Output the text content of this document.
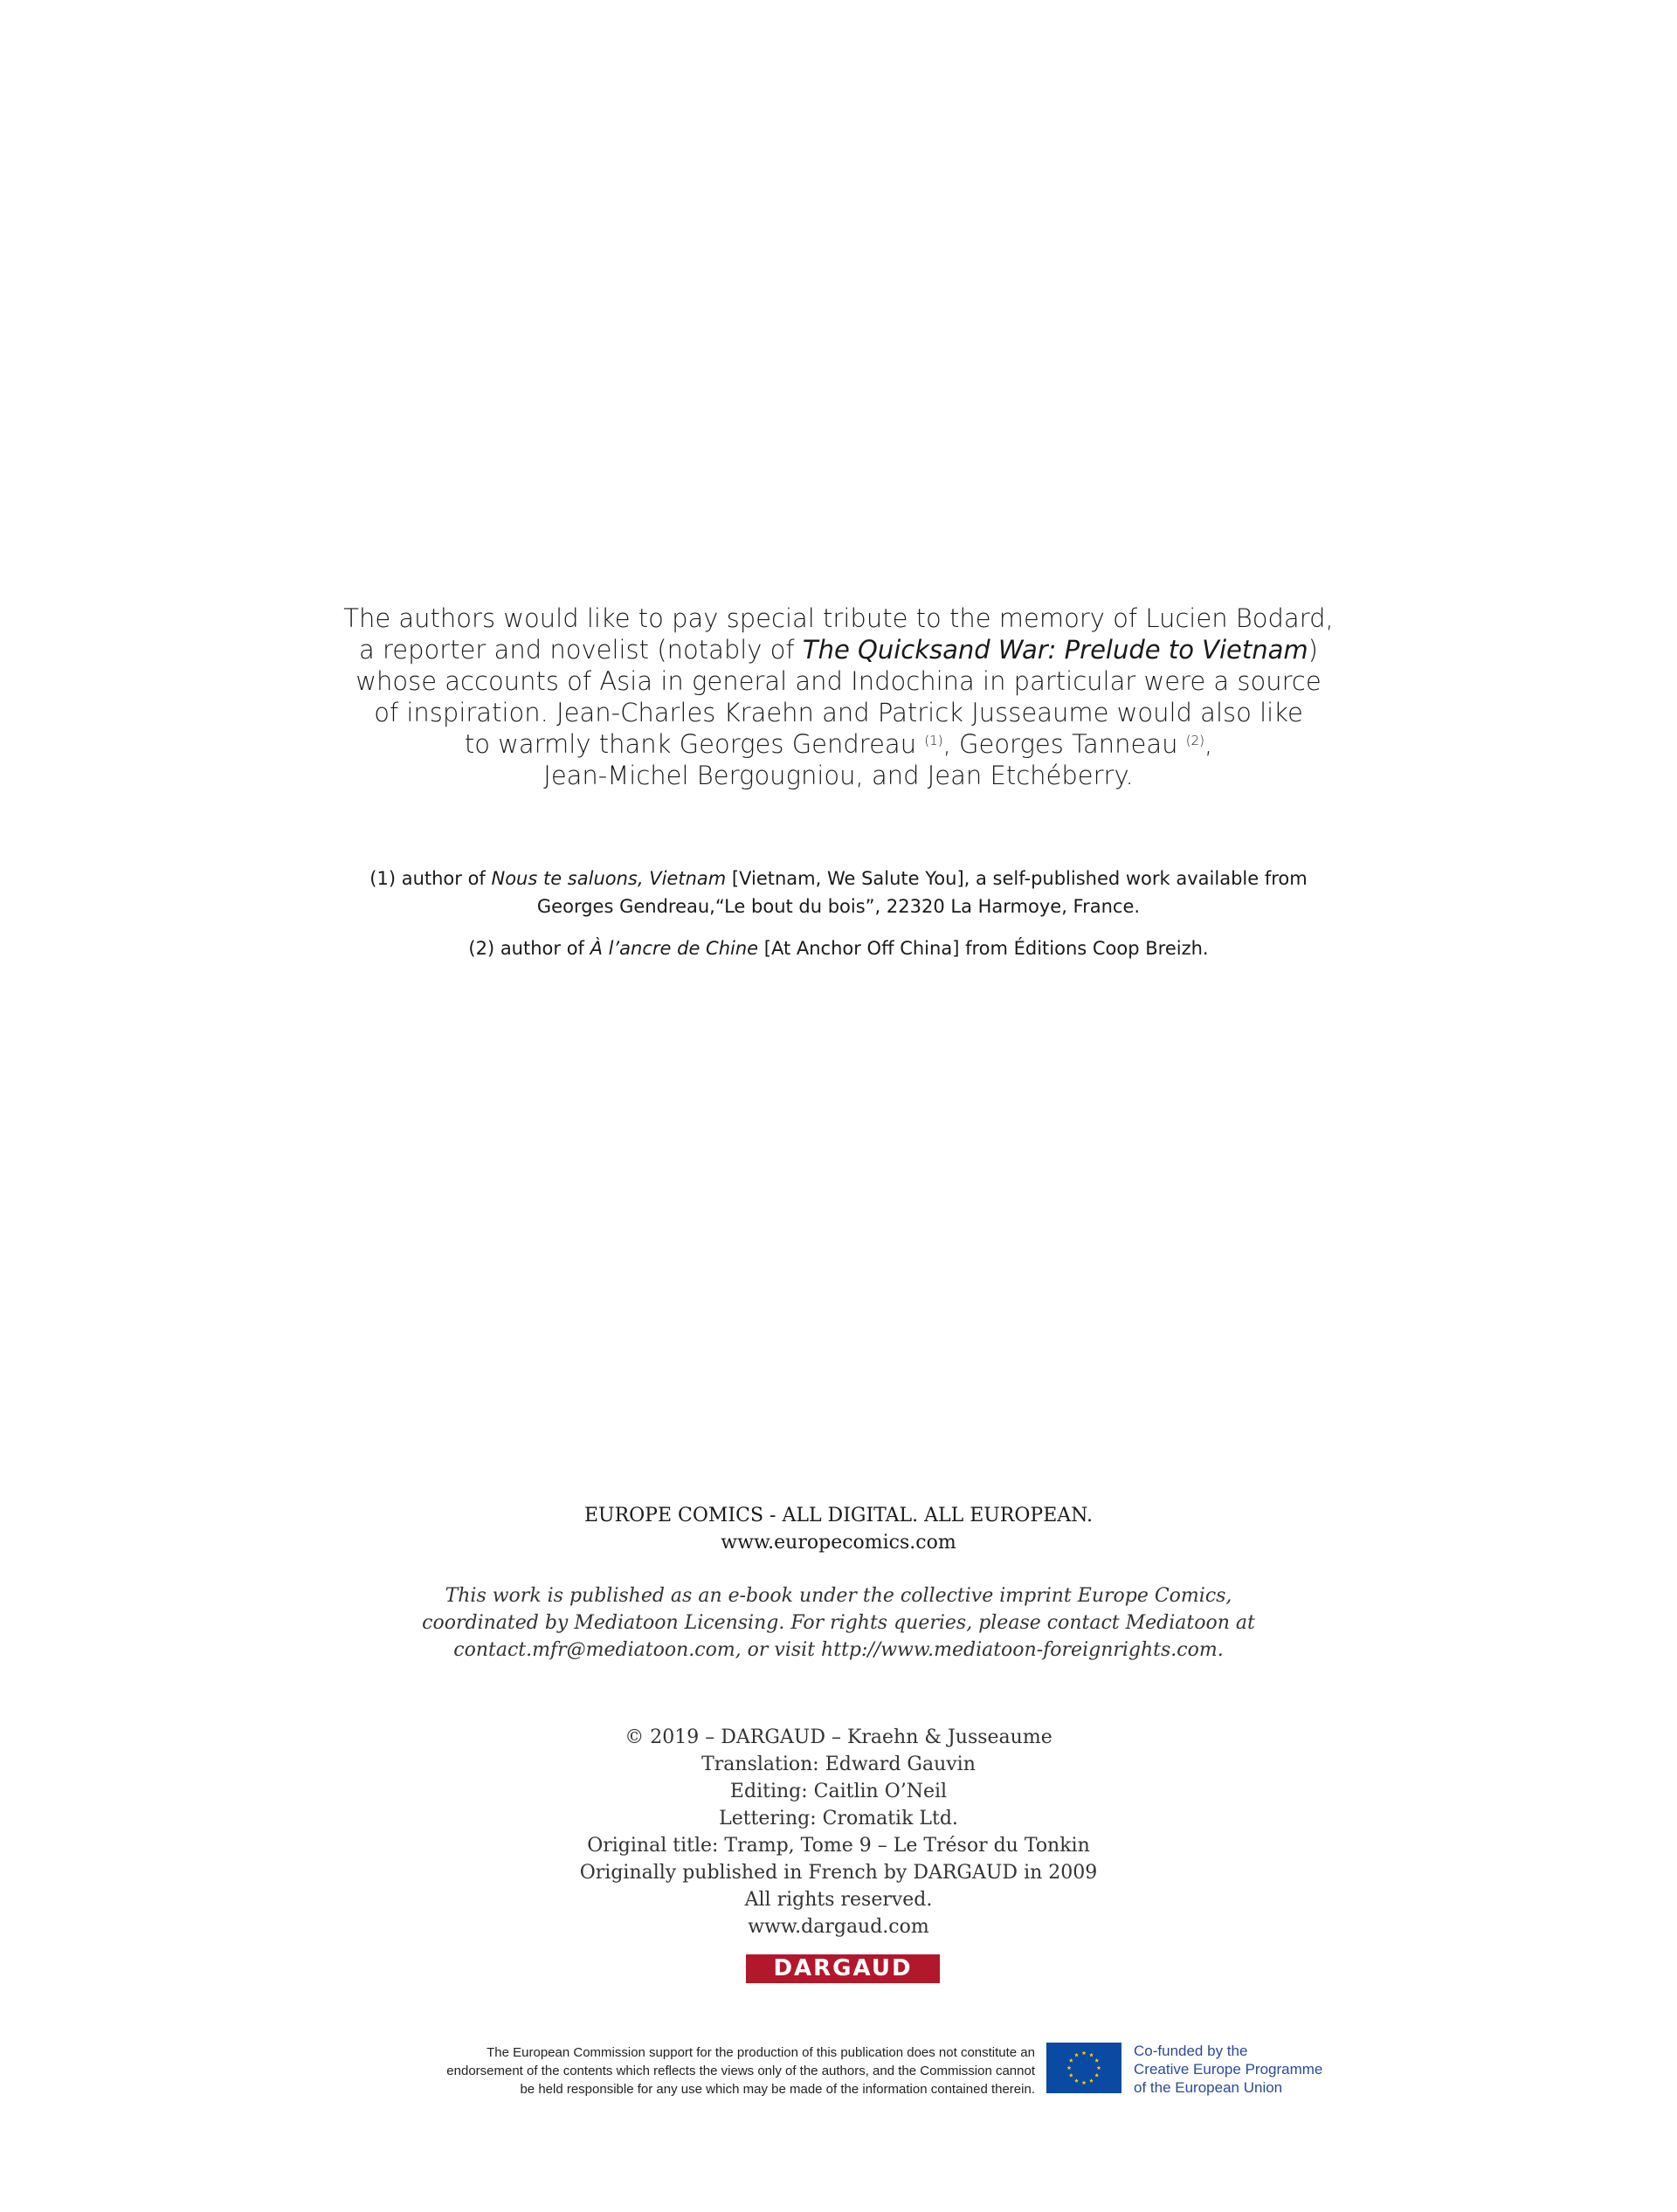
The authors would like to pay special tribute to the memory of Lucien Bodard,
a reporter and novelist (notably of The Quicksand War: Prelude to Vietnam)
whose accounts of Asia in general and Indochina in particular were a source
of inspiration. Jean-Charles Kraehn and Patrick Jusseaume would also like
to warmly thank Georges Gendreau $^{(1)}$, Georges Tanneau $^{(2)}$,
Jean-Michel Bergougniou, and Jean Etchéberry.
(1) author of Nous te saluons, Vietnam [Vietnam, We Salute You], a self-published work available from
Georges Gendreau,“Le bout du bois”, 22320 La Harmoye, France.
(2) author of À l’ancre de Chine [At Anchor Off China] from Éditions Coop Breizh.
EUROPE COMICS - ALL DIGITAL. ALL EUROPEAN.
www.europecomics.com
This work is published as an e-book under the collective imprint Europe Comics,
coordinated by Mediatoon Licensing. For rights queries, please contact Mediatoon at
contact.mfr@mediatoon.com, or visit http://www.mediatoon-foreignrights.com.
© 2019 – DARGAUD – Kraehn & Jusseaume
Translation: Edward Gauvin
Editing: Caitlin O’Neil
Lettering: Cromatik Ltd.
Original title: Tramp, Tome 9 – Le Trésor du Tonkin
Originally published in French by DARGAUD in 2009
All rights reserved.
www.dargaud.com
DARGAUD
The European Commission support for the production of this publication does not constitute an
endorsement of the contents which reflects the views only of the authors, and the Commission cannot
be held responsible for any use which may be made of the information contained therein.
Co-funded by the
Creative Europe Programme
of the European Union
